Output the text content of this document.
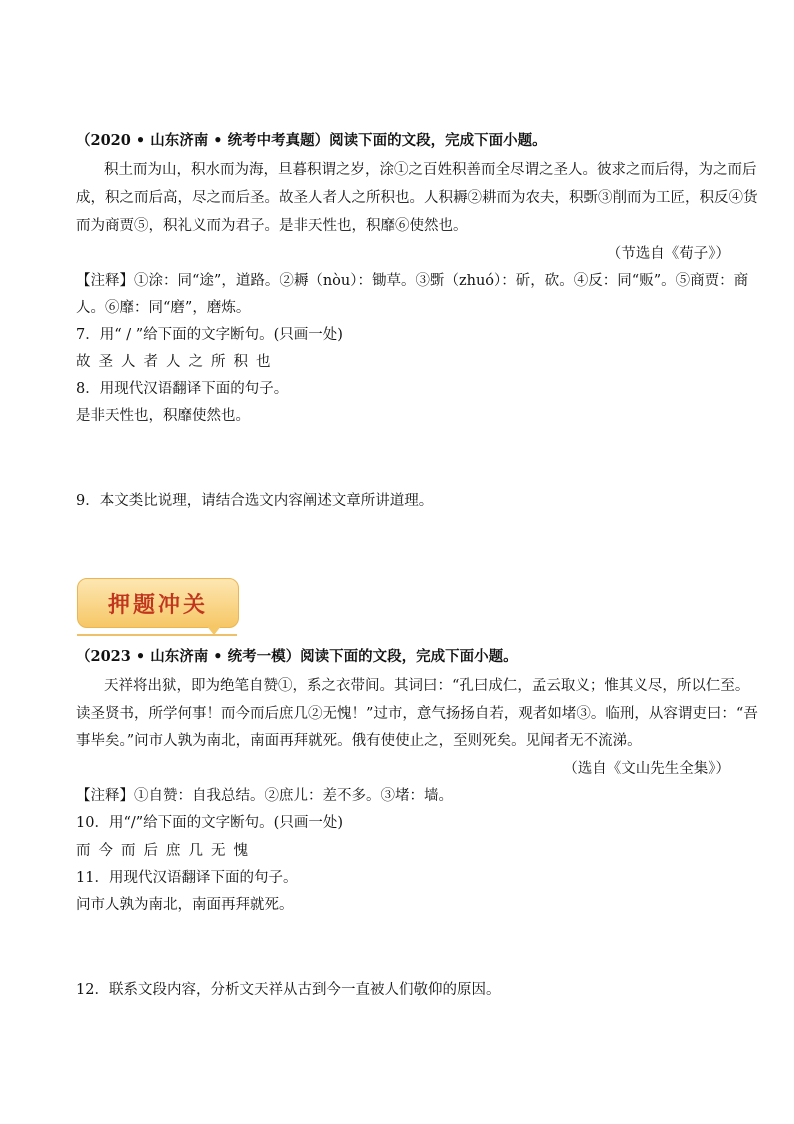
（2020 • 山东济南 • 统考中考真题）阅读下面的文段，完成下面小题。
积土而为山，积水而为海，旦暮积谓之岁，涂①之百姓积善而全尽谓之圣人。彼求之而后得，为之而后
成，积之而后高，尽之而后圣。故圣人者人之所积也。人积耨②耕而为农夫，积斲③削而为工匠，积反④货
而为商贾⑤，积礼义而为君子。是非天性也，积靡⑥使然也。
（节选自《荀子》）
【注释】①涂：同“途”，道路。②耨（nòu）：锄草。③斲（zhuó）：斫，砍。④反：同“贩”。⑤商贾：商
人。⑥靡：同“磨”，磨炼。
7．用“ / ”给下面的文字断句。(只画一处)
故圣人者人之所积也
8．用现代汉语翻译下面的句子。
是非天性也，积靡使然也。
9．本文类比说理，请结合选文内容阐述文章所讲道理。
押题冲关
（2023 • 山东济南 • 统考一模）阅读下面的文段，完成下面小题。
天祥将出狱，即为绝笔自赞①，系之衣带间。其词曰：“孔曰成仁，孟云取义；惟其义尽，所以仁至。
读圣贤书，所学何事！而今而后庶几②无愧！”过市，意气扬扬自若，观者如堵③。临刑，从容谓吏曰：“吾
事毕矣。”问市人孰为南北，南面再拜就死。俄有使使止之，至则死矣。见闻者无不流涕。
（选自《文山先生全集》）
【注释】①自赞：自我总结。②庶儿：差不多。③堵：墙。
10．用“/”给下面的文字断句。(只画一处)
而今而后庶几无愧
11．用现代汉语翻译下面的句子。
问市人孰为南北，南面再拜就死。
12．联系文段内容，分析文天祥从古到今一直被人们敬仰的原因。
